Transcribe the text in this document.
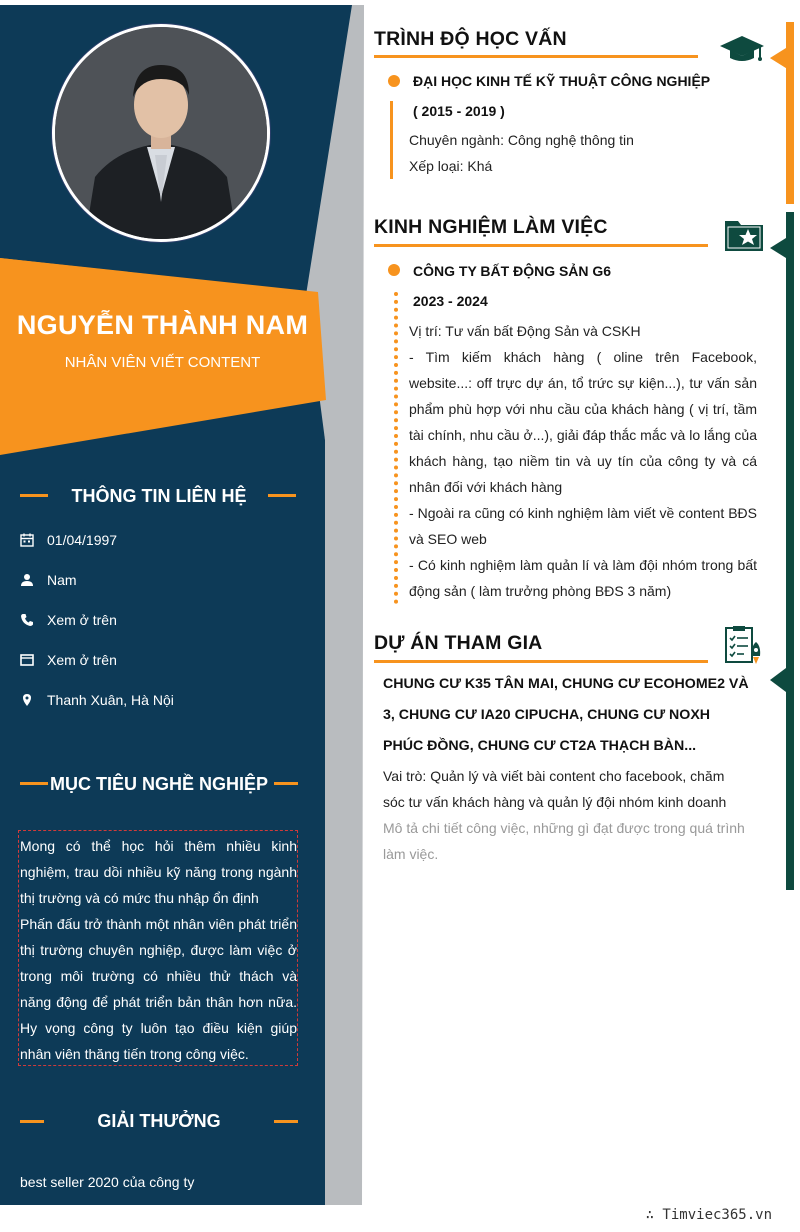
NGUYỄN THÀNH NAM
NHÂN VIÊN VIẾT CONTENT
THÔNG TIN LIÊN HỆ
01/04/1997
Nam
Xem ở trên
Xem ở trên
Thanh Xuân, Hà Nội
MỤC TIÊU NGHỀ NGHIỆP
Mong có thể học hỏi thêm nhiều kinh nghiệm, trau dồi nhiều kỹ năng trong ngành thị trường và có mức thu nhập ổn định
Phấn đấu trở thành một nhân viên phát triển thị trường chuyên nghiệp, được làm việc ở trong môi trường có nhiều thử thách và năng động để phát triển bản thân hơn nữa. Hy vọng công ty luôn tạo điều kiện giúp nhân viên thăng tiến trong công việc.
GIẢI THƯỞNG
best seller 2020 của công ty
TRÌNH ĐỘ HỌC VẤN
ĐẠI HỌC KINH TẾ KỸ THUẬT CÔNG NGHIỆP
( 2015 - 2019 )
Chuyên ngành: Công nghệ thông tin
Xếp loại: Khá
KINH NGHIỆM LÀM VIỆC
CÔNG TY BẤT ĐỘNG SẢN G6
2023 - 2024
Vị trí: Tư vấn bất Động Sản và CSKH
- Tìm kiếm khách hàng ( oline trên Facebook, website...: off trực dự án, tổ trức sự kiện...), tư vấn sản phẩm phù hợp với nhu cầu của khách hàng ( vị trí, tầm tài chính, nhu cầu ở...), giải đáp thắc mắc và lo lắng của khách hàng, tạo niềm tin và uy tín của công ty và cá nhân đối với khách hàng
- Ngoài ra cũng có kinh nghiệm làm viết về content BĐS và SEO web
- Có kinh nghiệm làm quản lí và làm đội nhóm trong bất động sản ( làm trưởng phòng BĐS 3 năm)
DỰ ÁN THAM GIA
CHUNG CƯ K35 TÂN MAI, CHUNG CƯ ECOHOME2 VÀ 3, CHUNG CƯ IA20 CIPUCHA, CHUNG CƯ NOXH PHÚC ĐỒNG, CHUNG CƯ CT2A THẠCH BÀN...
Vai trò: Quản lý và viết bài content cho facebook, chăm sóc tư vấn khách hàng và quản lý đội nhóm kinh doanh
Mô tả chi tiết công việc, những gì đạt được trong quá trình làm việc.
∴ Timviec365.vn
